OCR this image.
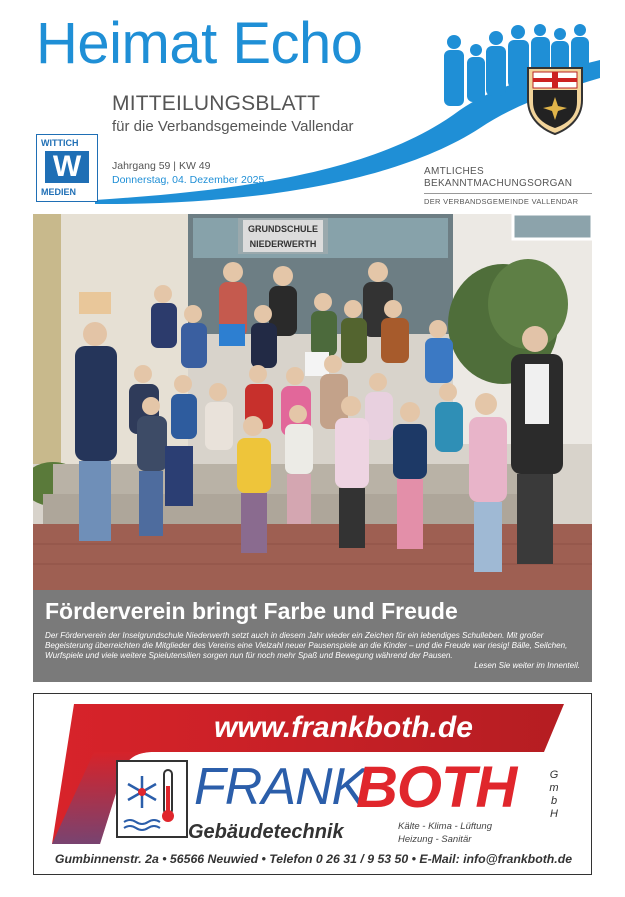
Heimat Echo
MITTEILUNGSBLATT
für die Verbandsgemeinde Vallendar
Jahrgang 59 | KW 49
Donnerstag, 04. Dezember 2025
WITTICH
W
MEDIEN
AMTLICHES
BEKANNTMACHUNGSORGAN
DER VERBANDSGEMEINDE VALLENDAR
GRUNDSCHULE
NIEDERWERTH
Förderverein bringt Farbe und Freude
Der Förderverein der Inselgrundschule Niederwerth setzt auch in diesem Jahr wieder ein Zeichen für ein lebendiges Schulleben. Mit großer Begeisterung überreichten die Mitglieder des Vereins eine Vielzahl neuer Pausenspiele an die Kinder – und die Freude war riesig! Bälle, Seilchen, Wurfspiele und viele weitere Spielutensilien sorgen nun für noch mehr Spaß und Bewegung während der Pausen.
Lesen Sie weiter im Innenteil.
www.frankboth.de
FRANK
BOTH	G
m
b
H
Gebäudetechnik	Kälte - Klima - Lüftung
Heizung - Sanitär
Gumbinnenstr. 2a • 56566 Neuwied • Telefon 0 26 31 / 9 53 50 • E-Mail: info@frankboth.de
